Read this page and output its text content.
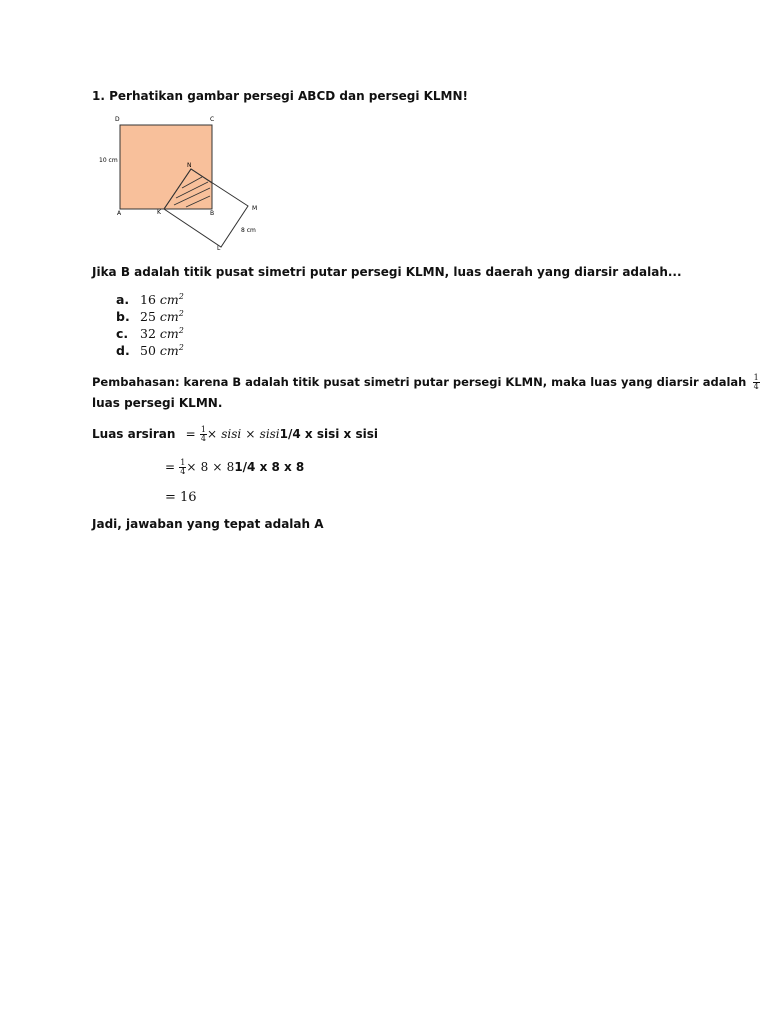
1. Perhatikan gambar persegi ABCD dan persegi KLMN!
D	C
A	B
K
N
M
L
10 cm
8 cm
Jika B adalah titik pusat simetri putar persegi KLMN, luas daerah yang diarsir adalah...
a. 16 $cm^2$
b. 25 $cm^2$
c. 32 $cm^2$
d. 50 $cm^2$
Pembahasan: karena B adalah titik pusat simetri putar persegi KLMN, maka luas yang diarsir adalah $\frac{1}{4}$
luas persegi KLMN.
Luas arsiran = $\frac{1}{4}$ × sisi × sisi1/4 x sisi x sisi
= $\frac{1}{4} \times 8 \times 81/4$ x 8 x 8
= 16
Jadi, jawaban yang tepat adalah A
